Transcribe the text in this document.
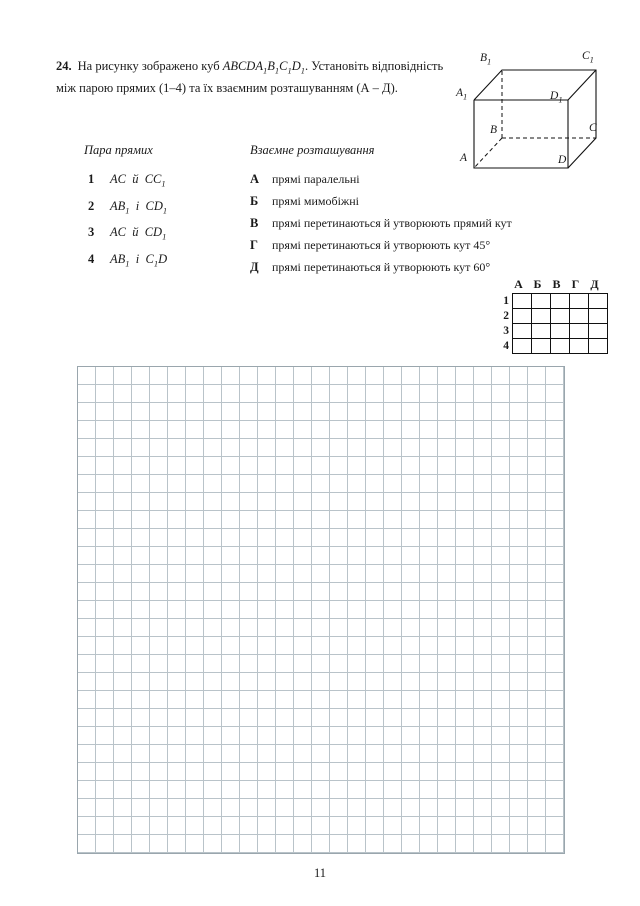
24. На рисунку зображено куб $ABCDA_1B_1C_1D_1$. Установіть відповідність між парою прямих (1–4) та їх взаємним розташуванням (А – Д).
$B_1$	$C_1$
$A_1$	$D_1$
B	C
A	D
Пара прямих
1	AC  й  $CC_1$
2	$AB_1$  і  $CD_1$
3	AC  й  $CD_1$
4	$AB_1$  і  $C_1D$
Взаємне розташування
А	прямі паралельні
Б	прямі мимобіжні
В	прямі перетинаються й утворюють прямий кут
Г	прямі перетинаються й утворюють кут 45°
Д	прямі перетинаються й утворюють кут 60°
А Б В Г Д
1					
2					
3					
4					
11
